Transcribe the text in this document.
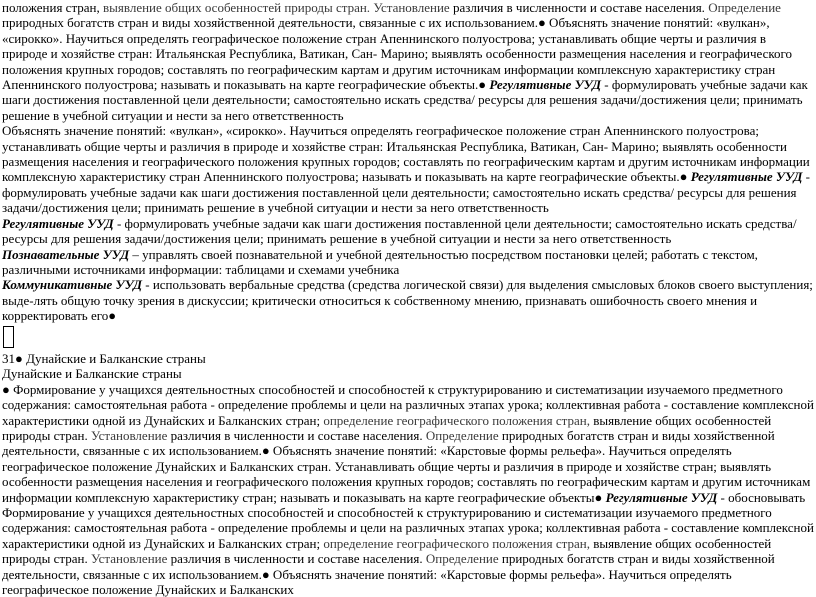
положения стран, выявление общих особенностей природы стран. Установление различия в численности и составе населения. Определение природных богатств стран и виды хозяйственной деятельности, связанные с их использованием.● Объяснять значение понятий: «вулкан», «сирокко». Научиться определять географическое положение стран Апеннинского полуострова; устанавливать общие черты и различия в природе и хозяйстве стран: Итальянская Республика, Ватикан, Сан- Марино; выявлять особенности размещения населения и географического положения крупных городов; составлять по географическим картам и другим источникам информации комплексную характеристику стран Апеннинского полуострова; называть и показывать на карте географические объекты.● Регулятивные УУД - формулировать учебные задачи как шаги достижения поставленной цели деятельности; самостоятельно искать средства/ ресурсы для решения задачи/достижения цели; принимать решение в учебной ситуации и нести за него ответственность

Объяснять значение понятий: «вулкан», «сирокко». Научиться определять географическое положение стран Апеннинского полуострова; устанавливать общие черты и различия в природе и хозяйстве стран: Итальянская Республика, Ватикан, Сан- Марино; выявлять особенности размещения населения и географического положения крупных городов; составлять по географическим картам и другим источникам информации комплексную характеристику стран Апеннинского полуострова; называть и показывать на карте географические объекты.● Регулятивные УУД - формулировать учебные задачи как шаги достижения поставленной цели деятельности; самостоятельно искать средства/ ресурсы для решения задачи/достижения цели; принимать решение в учебной ситуации и нести за него ответственность

Регулятивные УУД - формулировать учебные задачи как шаги достижения поставленной цели деятельности; самостоятельно искать средства/ ресурсы для решения задачи/достижения цели; принимать решение в учебной ситуации и нести за него ответственность

Познавательные УУД – управлять своей познавательной и учебной деятельностью посредством постановки целей; работать с текстом, различными источниками информации: таблицами и схемами учебника

Коммуникативные УУД - использовать вербальные средства (средства логической связи) для выделения смысловых блоков своего выступления; выде-лять общую точку зрения в дискуссии; критически относиться к собственному мнению, признавать ошибочность своего мнения и корректировать его●

31● Дунайские и Балканские страны

Дунайские и Балканские страны

● Формирование у учащихся деятельностных способностей и способностей к структурированию и систематизации изучаемого предметного содержания: самостоятельная работа - определение проблемы и цели на различных этапах урока; коллективная работа - составление комплексной характеристики одной из Дунайских и Балканских стран; определение географического положения стран, выявление общих особенностей природы стран. Установление различия в численности и составе населения. Определение природных богатств стран и виды хозяйственной деятельности, связанные с их использованием.● Объяснять значение понятий: «Карстовые формы рельефа». Научиться определять географическое положение Дунайских и Балканских стран. Устанавливать общие черты и различия в природе и хозяйстве стран; выявлять особенности размещения населения и географического положения крупных городов; составлять по географическим картам и другим источникам информации комплексную характеристику стран; называть и показывать на карте географические объекты● Регулятивные УУД - обосновывать

Формирование у учащихся деятельностных способностей и способностей к структурированию и систематизации изучаемого предметного содержания: самостоятельная работа - определение проблемы и цели на различных этапах урока; коллективная работа - составление комплексной характеристики одной из Дунайских и Балканских стран; определение географического положения стран, выявление общих особенностей природы стран. Установление различия в численности и составе населения. Определение природных богатств стран и виды хозяйственной деятельности, связанные с их использованием.● Объяснять значение понятий: «Карстовые формы рельефа». Научиться определять географическое положение Дунайских и Балканских
